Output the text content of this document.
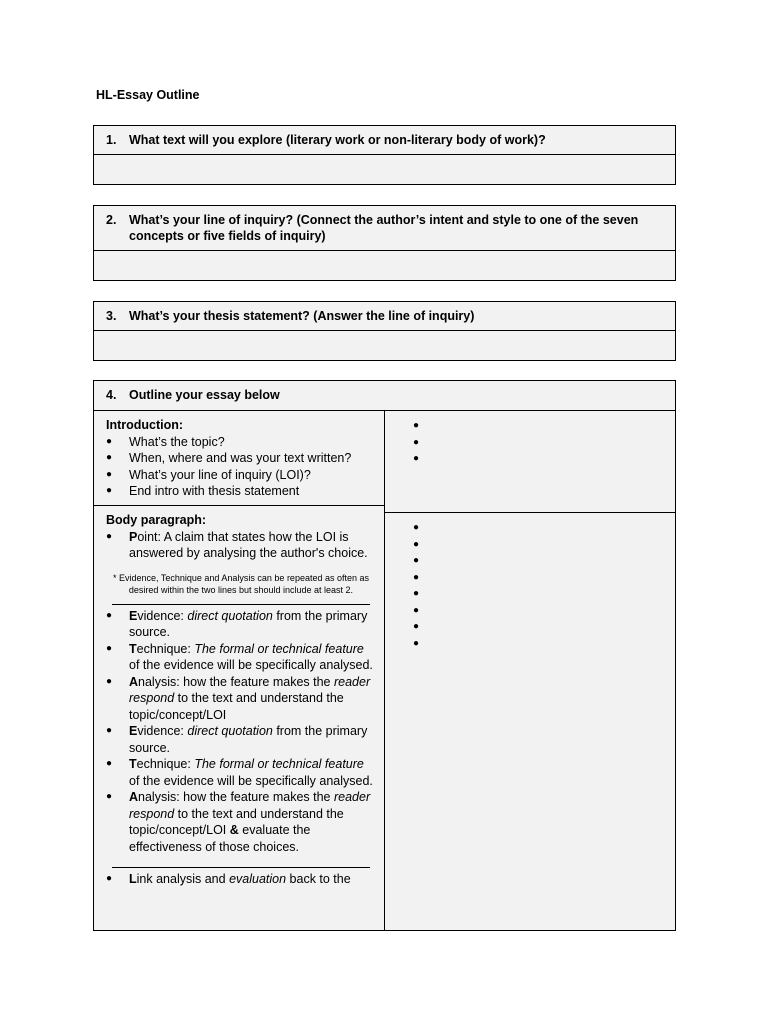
HL-Essay Outline
1. What text will you explore (literary work or non-literary body of work)?
2. What’s your line of inquiry? (Connect the author’s intent and style to one of the seven concepts or five fields of inquiry)
3. What’s your thesis statement? (Answer the line of inquiry)
4. Outline your essay below
Introduction:
● What’s the topic?
● When, where and was your text written?
● What’s your line of inquiry (LOI)?
● End intro with thesis statement
Body paragraph:
● Point: A claim that states how the LOI is answered by analysing the author's choice.
* Evidence, Technique and Analysis can be repeated as often as desired within the two lines but should include at least 2.
● Evidence: direct quotation from the primary source.
● Technique: The formal or technical feature of the evidence will be specifically analysed.
● Analysis: how the feature makes the reader respond to the text and understand the topic/concept/LOI
● Evidence: direct quotation from the primary source.
● Technique: The formal or technical feature of the evidence will be specifically analysed.
● Analysis: how the feature makes the reader respond to the text and understand the topic/concept/LOI & evaluate the effectiveness of those choices.
● Link analysis and evaluation back to the
●
●
●
●
●
●
●
●
●
●
●
